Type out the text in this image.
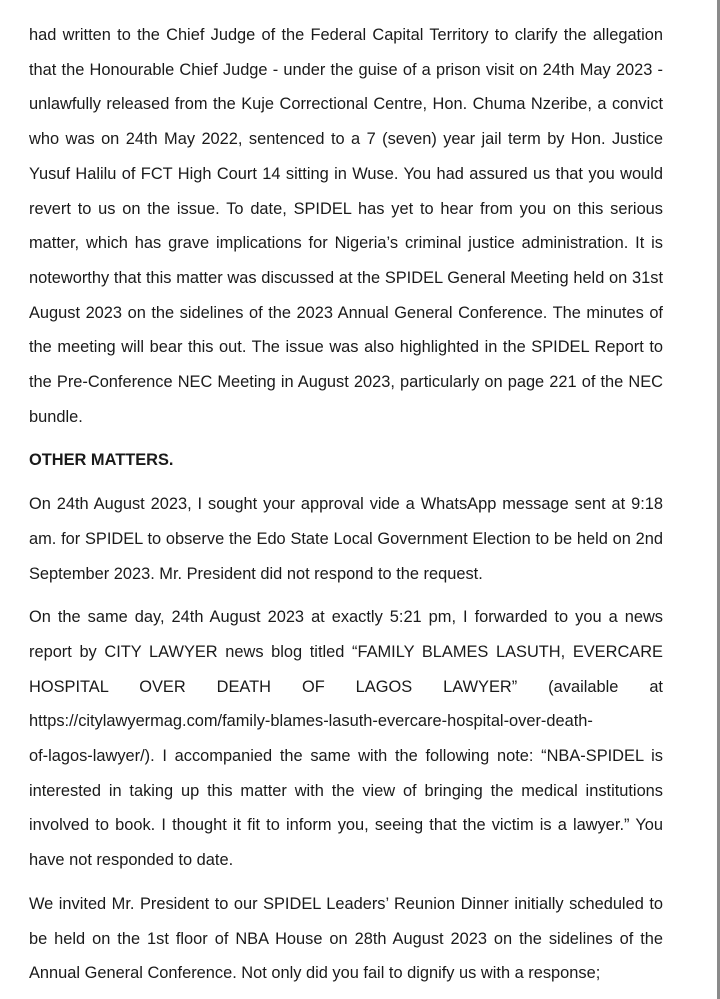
had written to the Chief Judge of the Federal Capital Territory to clarify the allegation that the Honourable Chief Judge - under the guise of a prison visit on 24th May 2023 -unlawfully released from the Kuje Correctional Centre, Hon. Chuma Nzeribe, a convict who was on 24th May 2022, sentenced to a 7 (seven) year jail term by Hon. Justice Yusuf Halilu of FCT High Court 14 sitting in Wuse. You had assured us that you would revert to us on the issue. To date, SPIDEL has yet to hear from you on this serious matter, which has grave implications for Nigeria’s criminal justice administration. It is noteworthy that this matter was discussed at the SPIDEL General Meeting held on 31st August 2023 on the sidelines of the 2023 Annual General Conference. The minutes of the meeting will bear this out. The issue was also highlighted in the SPIDEL Report to the Pre-Conference NEC Meeting in August 2023, particularly on page 221 of the NEC bundle.

OTHER MATTERS.

On 24th August 2023, I sought your approval vide a WhatsApp message sent at 9:18 am. for SPIDEL to observe the Edo State Local Government Election to be held on 2nd September 2023. Mr. President did not respond to the request.

On the same day, 24th August 2023 at exactly 5:21 pm, I forwarded to you a news report by CITY LAWYER news blog titled “FAMILY BLAMES LASUTH, EVERCARE HOSPITAL OVER DEATH OF LAGOS LAWYER” (available at
https://citylawyermag.com/family-blames-lasuth-evercare-hospital-over-death-
of-lagos-lawyer/). I accompanied the same with the following note: “NBA-SPIDEL is interested in taking up this matter with the view of bringing the medical institutions involved to book. I thought it fit to inform you, seeing that the victim is a lawyer.” You have not responded to date.

We invited Mr. President to our SPIDEL Leaders’ Reunion Dinner initially scheduled to be held on the 1st floor of NBA House on 28th August 2023 on the sidelines of the Annual General Conference. Not only did you fail to dignify us with a response;
